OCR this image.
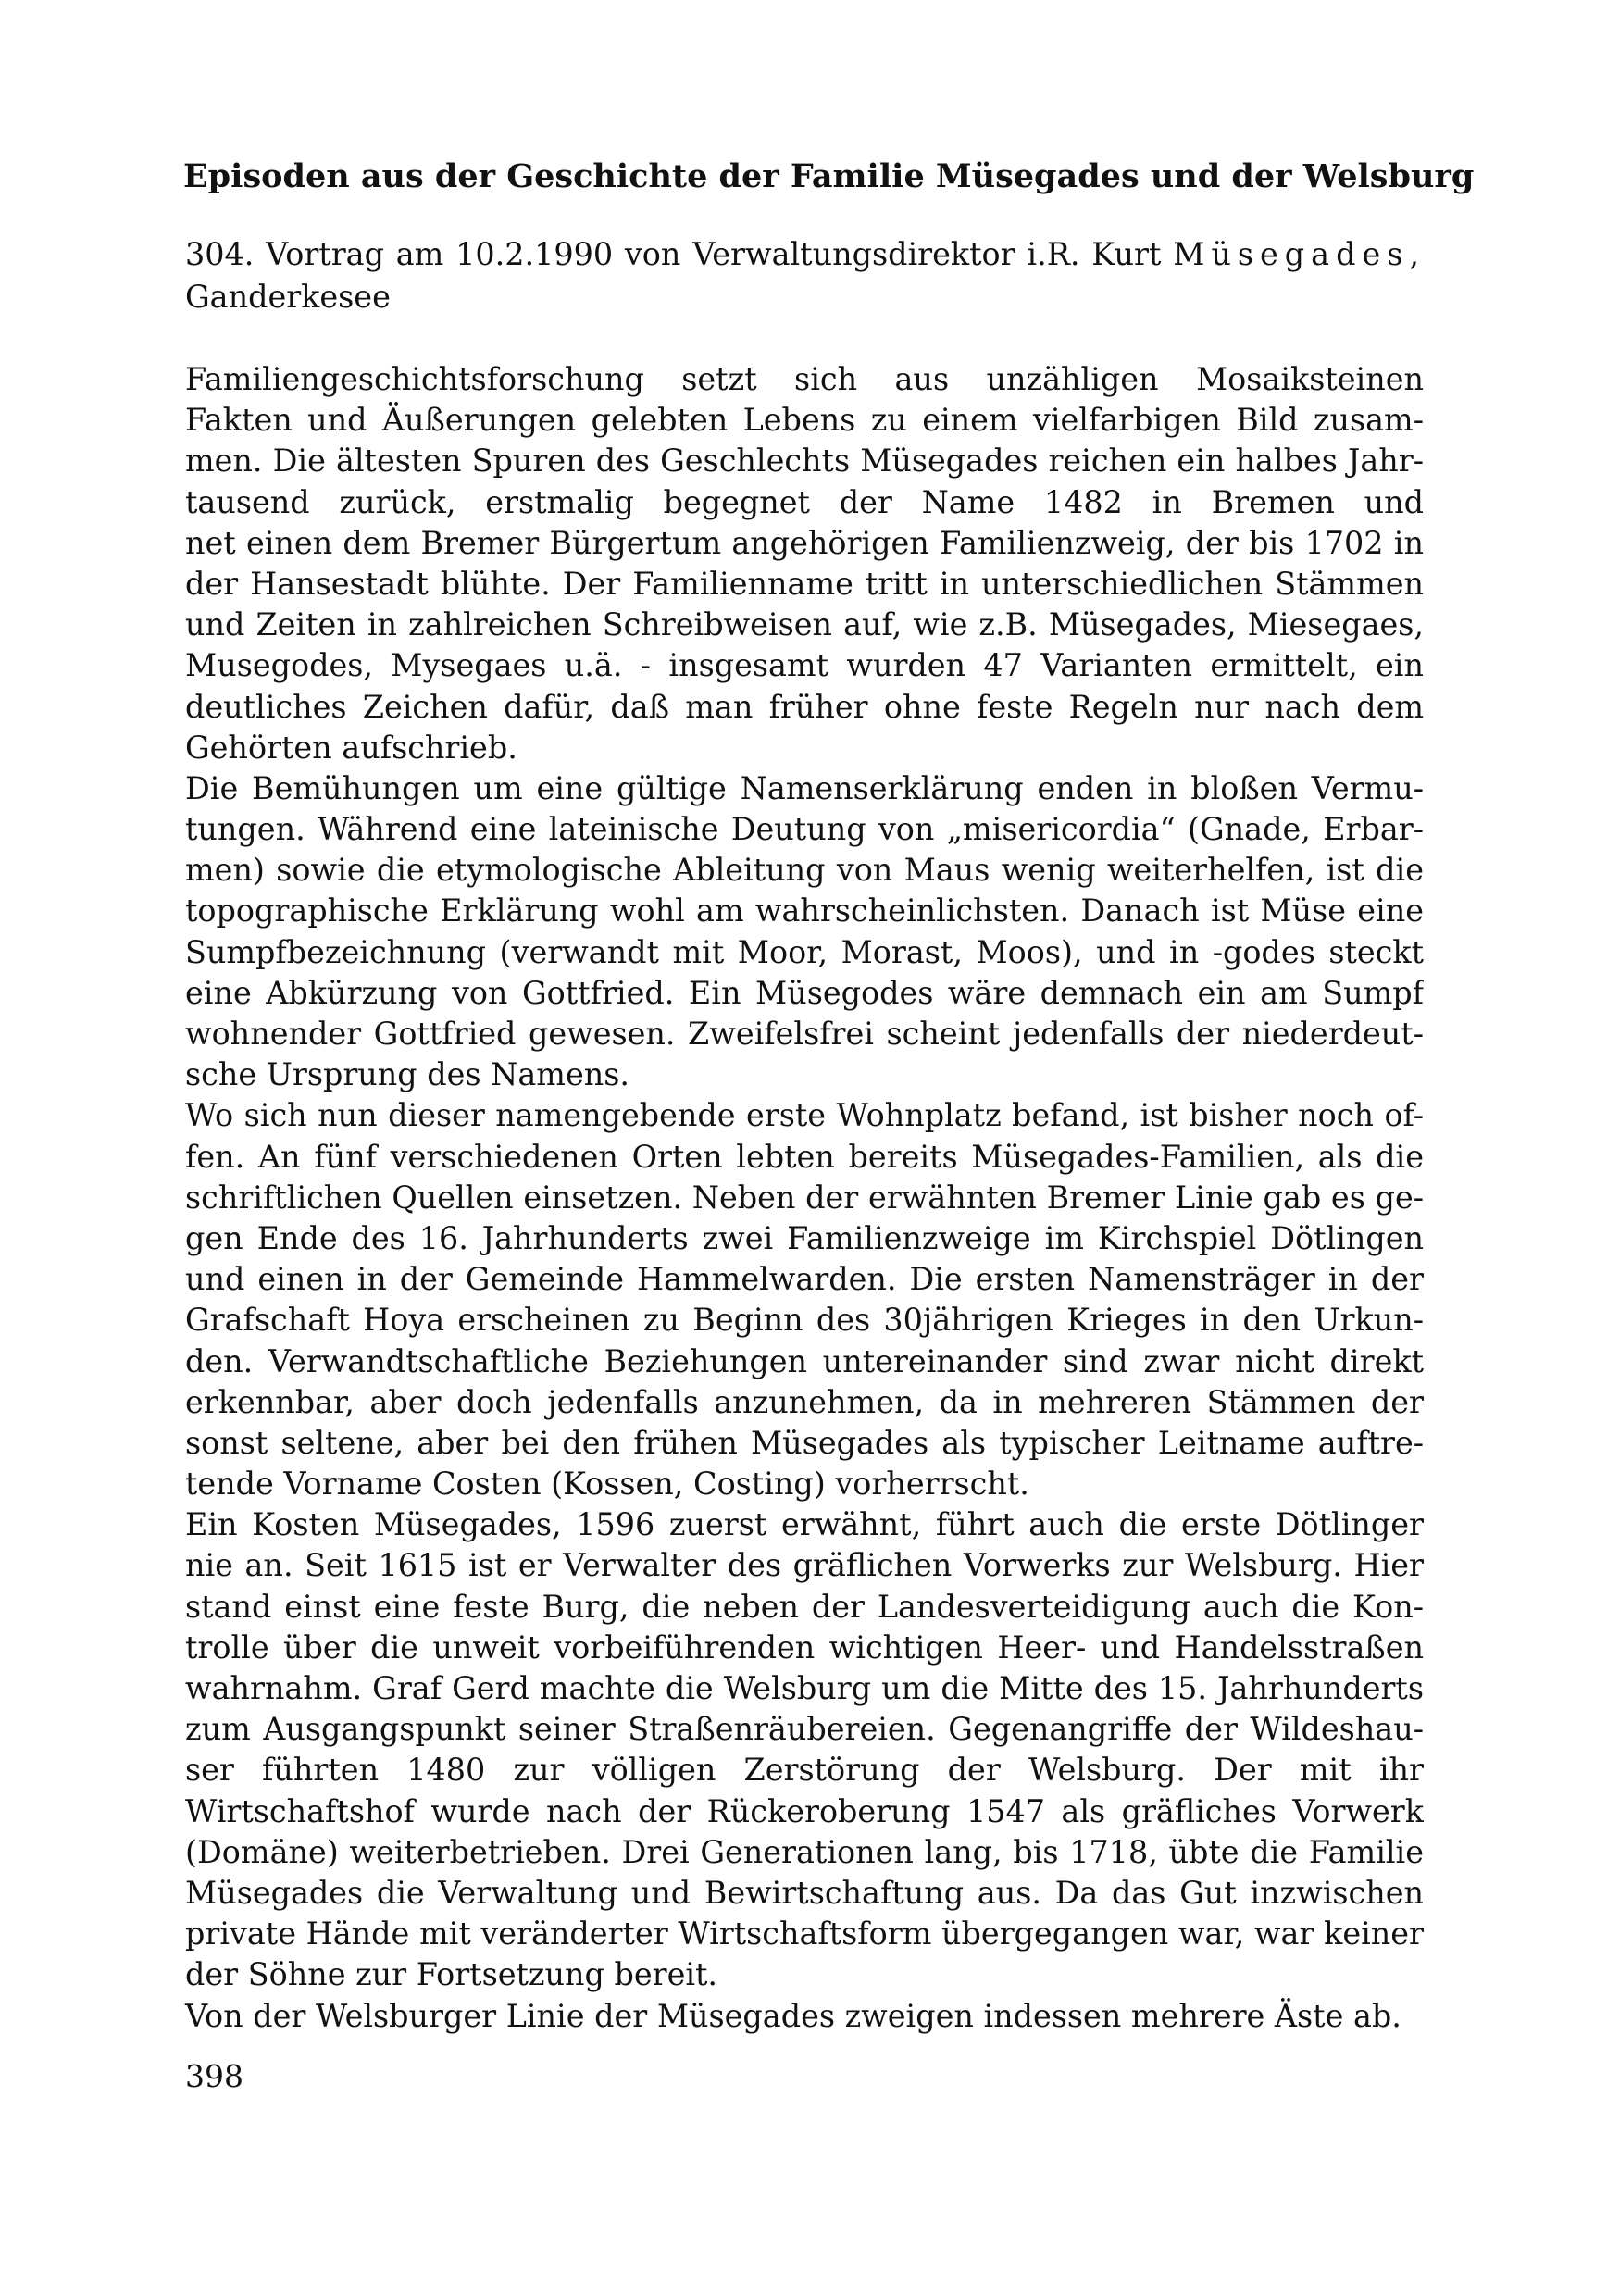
Episoden aus der Geschichte der Familie Müsegades und der Welsburg
304. Vortrag am 10.2.1990 von Verwaltungsdirektor i.R. Kurt Müsegades,
Ganderkesee
Familiengeschichtsforschung setzt sich aus unzähligen Mosaiksteinen
Fakten und Äußerungen gelebten Lebens zu einem vielfarbigen Bild zusam-
men. Die ältesten Spuren des Geschlechts Müsegades reichen ein halbes Jahr-
tausend zurück, erstmalig begegnet der Name 1482 in Bremen und
net einen dem Bremer Bürgertum angehörigen Familienzweig, der bis 1702 in
der Hansestadt blühte. Der Familienname tritt in unterschiedlichen Stämmen
und Zeiten in zahlreichen Schreibweisen auf, wie z.B. Müsegades, Miesegaes,
Musegodes, Mysegaes u.ä. - insgesamt wurden 47 Varianten ermittelt, ein
deutliches Zeichen dafür, daß man früher ohne feste Regeln nur nach dem
Gehörten aufschrieb.
Die Bemühungen um eine gültige Namenserklärung enden in bloßen Vermu-
tungen. Während eine lateinische Deutung von „misericordia“ (Gnade, Erbar-
men) sowie die etymologische Ableitung von Maus wenig weiterhelfen, ist die
topographische Erklärung wohl am wahrscheinlichsten. Danach ist Müse eine
Sumpfbezeichnung (verwandt mit Moor, Morast, Moos), und in -godes steckt
eine Abkürzung von Gottfried. Ein Müsegodes wäre demnach ein am Sumpf
wohnender Gottfried gewesen. Zweifelsfrei scheint jedenfalls der niederdeut-
sche Ursprung des Namens.
Wo sich nun dieser namengebende erste Wohnplatz befand, ist bisher noch of-
fen. An fünf verschiedenen Orten lebten bereits Müsegades-Familien, als die
schriftlichen Quellen einsetzen. Neben der erwähnten Bremer Linie gab es ge-
gen Ende des 16. Jahrhunderts zwei Familienzweige im Kirchspiel Dötlingen
und einen in der Gemeinde Hammelwarden. Die ersten Namensträger in der
Grafschaft Hoya erscheinen zu Beginn des 30jährigen Krieges in den Urkun-
den. Verwandtschaftliche Beziehungen untereinander sind zwar nicht direkt
erkennbar, aber doch jedenfalls anzunehmen, da in mehreren Stämmen der
sonst seltene, aber bei den frühen Müsegades als typischer Leitname auftre-
tende Vorname Costen (Kossen, Costing) vorherrscht.
Ein Kosten Müsegades, 1596 zuerst erwähnt, führt auch die erste Dötlinger
nie an. Seit 1615 ist er Verwalter des gräflichen Vorwerks zur Welsburg. Hier
stand einst eine feste Burg, die neben der Landesverteidigung auch die Kon-
trolle über die unweit vorbeiführenden wichtigen Heer- und Handelsstraßen
wahrnahm. Graf Gerd machte die Welsburg um die Mitte des 15. Jahrhunderts
zum Ausgangspunkt seiner Straßenräubereien. Gegenangriffe der Wildeshau-
ser führten 1480 zur völligen Zerstörung der Welsburg. Der mit ihr
Wirtschaftshof wurde nach der Rückeroberung 1547 als gräfliches Vorwerk
(Domäne) weiterbetrieben. Drei Generationen lang, bis 1718, übte die Familie
Müsegades die Verwaltung und Bewirtschaftung aus. Da das Gut inzwischen
private Hände mit veränderter Wirtschaftsform übergegangen war, war keiner
der Söhne zur Fortsetzung bereit.
Von der Welsburger Linie der Müsegades zweigen indessen mehrere Äste ab.
398
